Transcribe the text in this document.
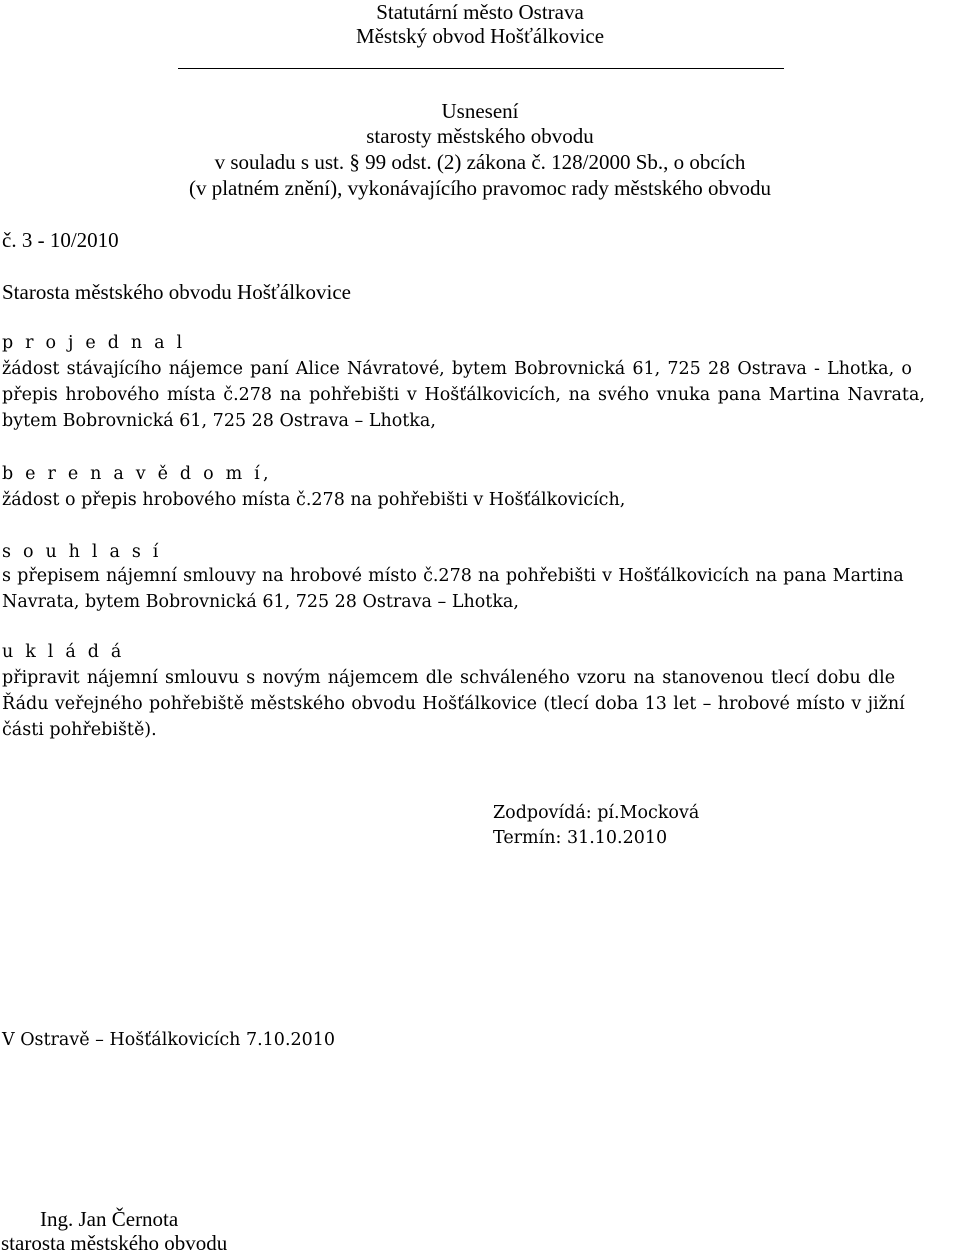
Statutární město Ostrava
Městský obvod Hošťálkovice
Usnesení
starosty městského obvodu
v souladu s ust. § 99 odst. (2) zákona č. 128/2000 Sb., o obcích
(v platném znění), vykonávajícího pravomoc rady městského obvodu
č. 3 - 10/2010
Starosta městského obvodu Hošťálkovice
p r o j e d n a l
žádost stávajícího nájemce paní Alice Návratové, bytem Bobrovnická 61, 725 28 Ostrava - Lhotka, o
přepis hrobového místa č.278 na pohřebišti v Hošťálkovicích, na svého vnuka pana Martina Navrata,
bytem Bobrovnická 61, 725 28 Ostrava – Lhotka,
b e r e n a v ě d o m í,
žádost o přepis hrobového místa č.278 na pohřebišti v Hošťálkovicích,
s o u h l a s í
s přepisem nájemní smlouvy na hrobové místo č.278 na pohřebišti v Hošťálkovicích na pana Martina
Navrata, bytem Bobrovnická 61, 725 28 Ostrava – Lhotka,
u k l á d á
připravit nájemní smlouvu s novým nájemcem dle schváleného vzoru na stanovenou tlecí dobu dle
Řádu veřejného pohřebiště městského obvodu Hošťálkovice (tlecí doba 13 let – hrobové místo v jižní
části pohřebiště).
Zodpovídá: pí.Mocková
Termín: 31.10.2010
V Ostravě – Hošťálkovicích 7.10.2010
Ing. Jan Černota
starosta městského obvodu
